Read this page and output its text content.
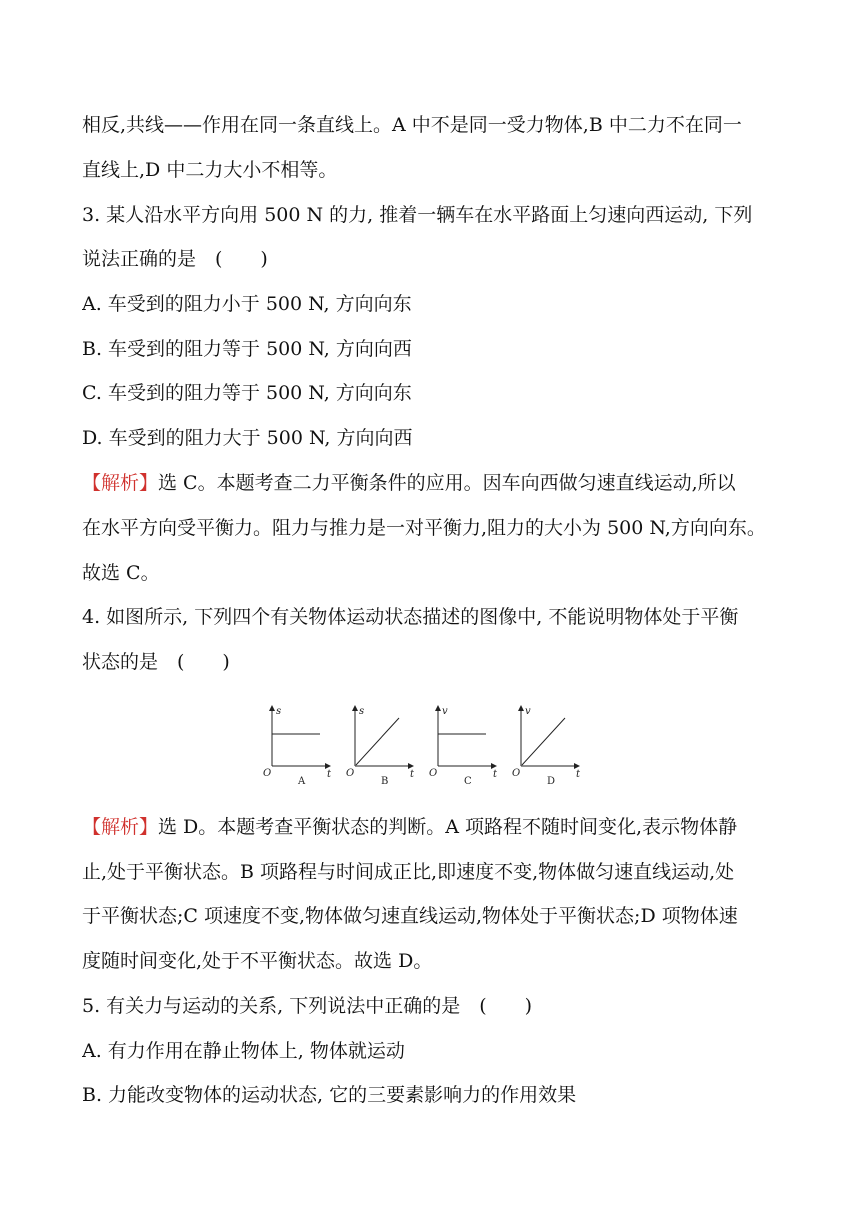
相反,共线——作用在同一条直线上。A 中不是同一受力物体,B 中二力不在同一
直线上,D 中二力大小不相等。
3. 某人沿水平方向用 500 N 的力, 推着一辆车在水平路面上匀速向西运动, 下列
说法正确的是　(　　)
A. 车受到的阻力小于 500 N, 方向向东
B. 车受到的阻力等于 500 N, 方向向西
C. 车受到的阻力等于 500 N, 方向向东
D. 车受到的阻力大于 500 N, 方向向西
【解析】选 C。本题考查二力平衡条件的应用。因车向西做匀速直线运动,所以
在水平方向受平衡力。阻力与推力是一对平衡力,阻力的大小为 500 N,方向向东。
故选 C。
4. 如图所示, 下列四个有关物体运动状态描述的图像中, 不能说明物体处于平衡
状态的是　(　　)
s
t
O
A
s
t
O
B
v
t
O
C
v
t
O
D
【解析】选 D。本题考查平衡状态的判断。A 项路程不随时间变化,表示物体静
止,处于平衡状态。B 项路程与时间成正比,即速度不变,物体做匀速直线运动,处
于平衡状态;C 项速度不变,物体做匀速直线运动,物体处于平衡状态;D 项物体速
度随时间变化,处于不平衡状态。故选 D。
5. 有关力与运动的关系, 下列说法中正确的是　(　　)
A. 有力作用在静止物体上, 物体就运动
B. 力能改变物体的运动状态, 它的三要素影响力的作用效果
